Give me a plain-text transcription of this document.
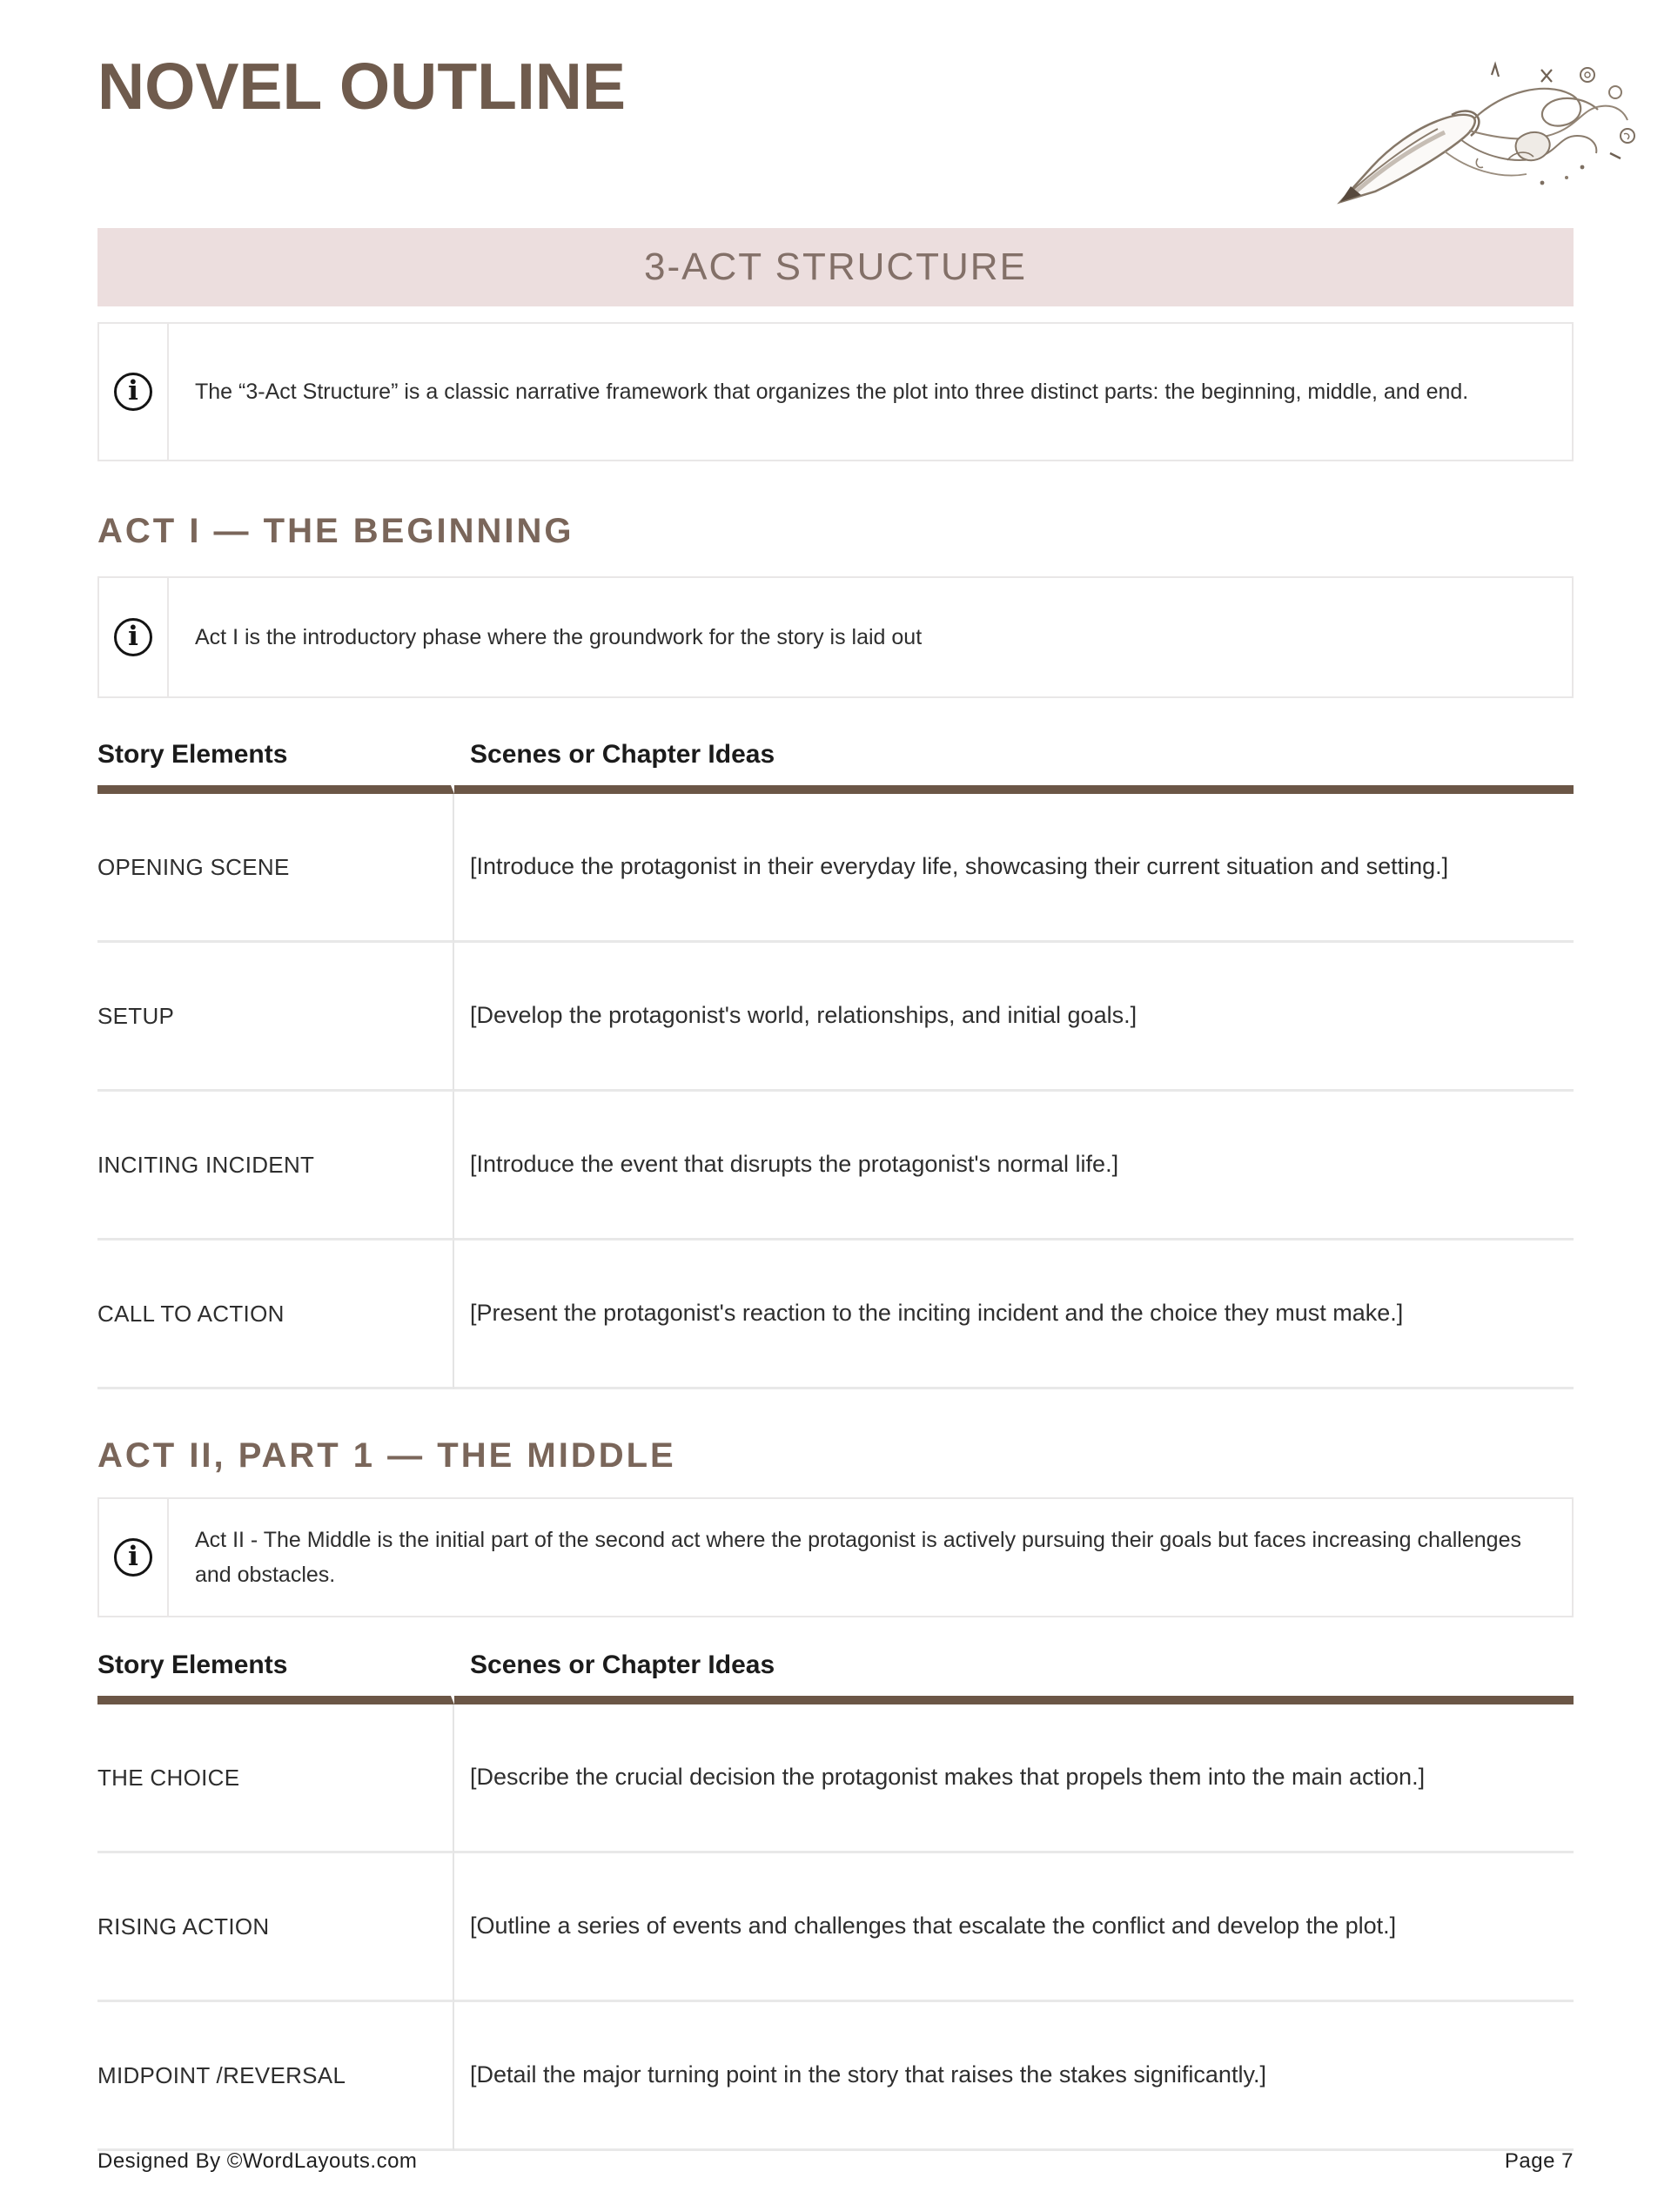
NOVEL OUTLINE
3-ACT STRUCTURE
i	The “3-Act Structure” is a classic narrative framework that organizes the plot into three distinct parts: the beginning, middle, and end.
ACT I — THE BEGINNING
i	Act I is the introductory phase where the groundwork for the story is laid out
Story Elements	Scenes or Chapter Ideas
OPENING SCENE	[Introduce the protagonist in their everyday life, showcasing their current situation and setting.]
SETUP	[Develop the protagonist's world, relationships, and initial goals.]
INCITING INCIDENT	[Introduce the event that disrupts the protagonist's normal life.]
CALL TO ACTION	[Present the protagonist's reaction to the inciting incident and the choice they must make.]
ACT II, PART 1 — THE MIDDLE
i
Act II - The Middle is the initial part of the second act where the protagonist is actively pursuing their goals but faces increasing challenges and obstacles.
Story Elements	Scenes or Chapter Ideas
THE CHOICE	[Describe the crucial decision the protagonist makes that propels them into the main action.]
RISING ACTION	[Outline a series of events and challenges that escalate the conflict and develop the plot.]
MIDPOINT /REVERSAL	[Detail the major turning point in the story that raises the stakes significantly.]
Designed By ©WordLayouts.com	Page 7
